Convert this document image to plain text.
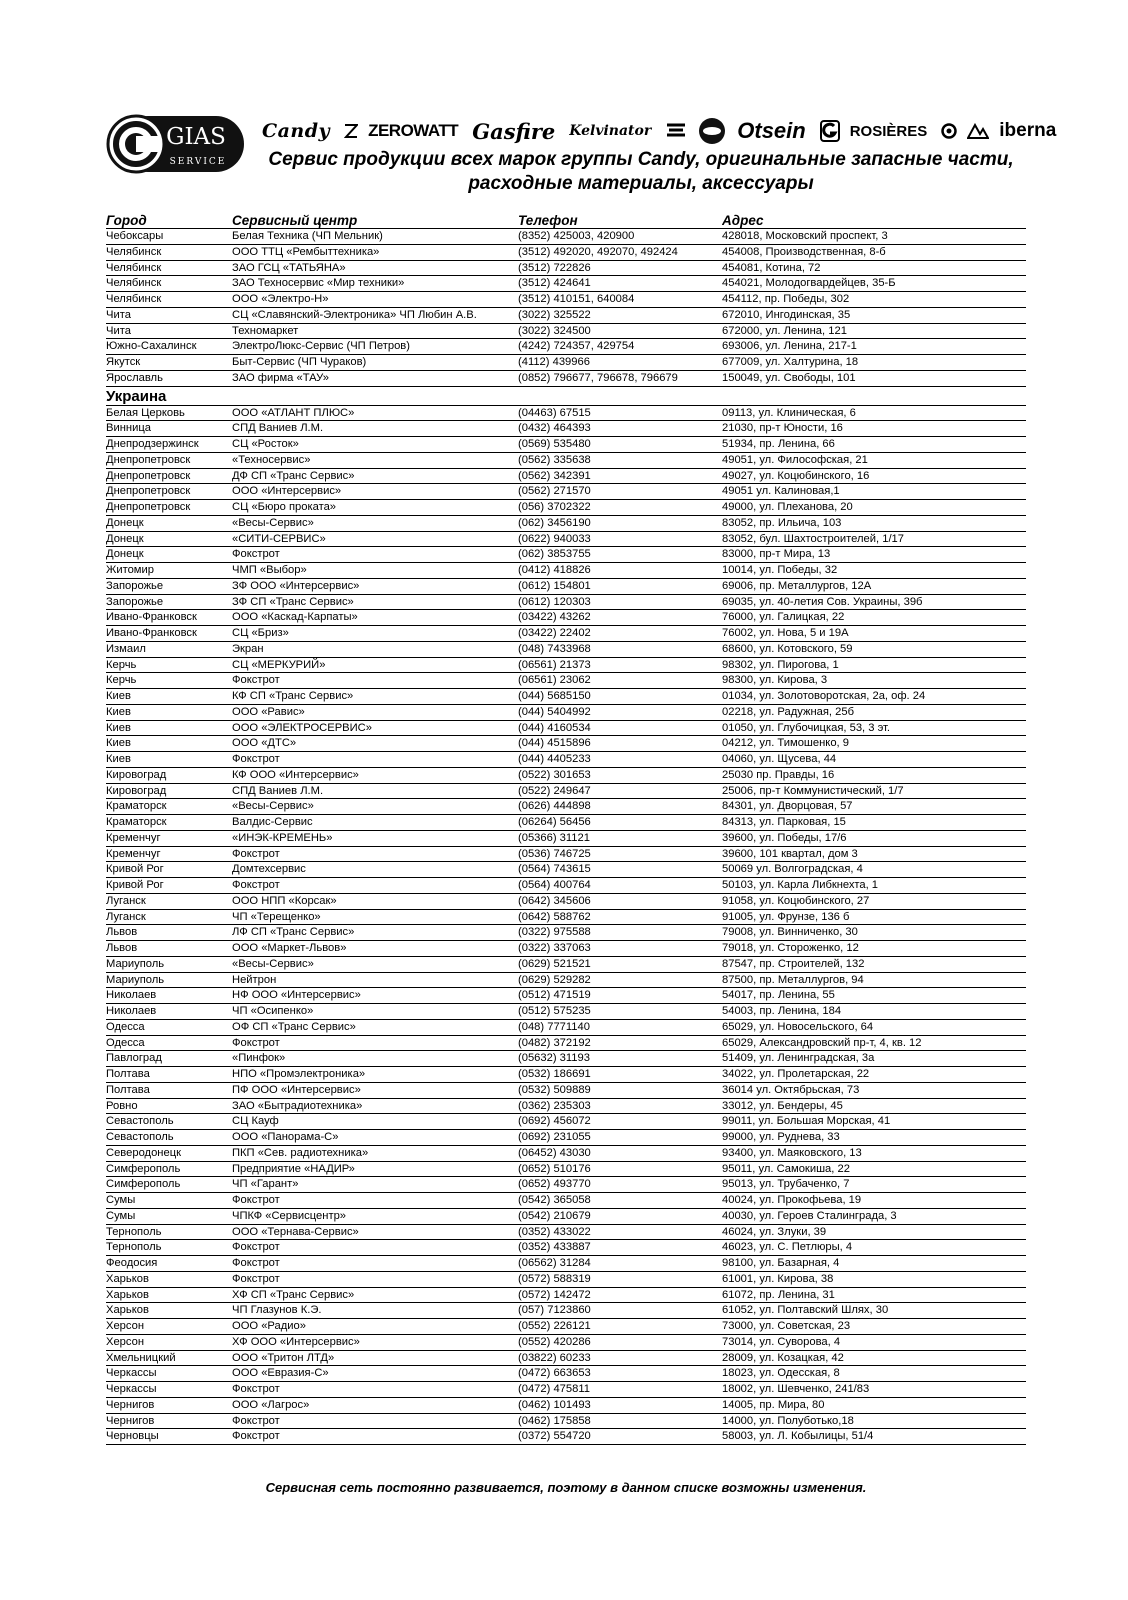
GIAS
SERVICE
Candy ZEROWATT Gasfire Kelvinator	Otsein	ROSIÈRES	iberna
Сервис продукции всех марок группы Candy, оригинальные запасные части,
расходные материалы, аксессуары
Город	Сервисный центр	Телефон	Адрес
Чебоксары	Белая Техника (ЧП Мельник)	(8352) 425003, 420900	428018, Московский проспект, 3
Челябинск	ООО ТТЦ «Рембыттехника»	(3512) 492020, 492070, 492424	454008, Производственная, 8-б
Челябинск	ЗАО ГСЦ «ТАТЬЯНА»	(3512) 722826	454081, Котина, 72
Челябинск	ЗАО Техносервис «Мир техники»	(3512) 424641	454021, Молодогвардейцев, 35-Б
Челябинск	ООО «Электро-Н»	(3512) 410151, 640084	454112, пр. Победы, 302
Чита	СЦ «Славянский-Электроника» ЧП Любин А.В.	(3022) 325522	672010, Ингодинская, 35
Чита	Техномаркет	(3022) 324500	672000, ул. Ленина, 121
Южно-Сахалинск	ЭлектроЛюкс-Сервис (ЧП Петров)	(4242) 724357, 429754	693006, ул. Ленина, 217-1
Якутск	Быт-Сервис (ЧП Чураков)	(4112) 439966	677009, ул. Халтурина, 18
Ярославль	ЗАО фирма «ТАУ»	(0852) 796677, 796678, 796679	150049, ул. Свободы, 101
Украина
Белая Церковь	ООО «АТЛАНТ ПЛЮС»	(04463) 67515	09113, ул. Клиническая, 6
Винница	СПД Ваниев Л.М.	(0432) 464393	21030, пр-т Юности, 16
Днепродзержинск	СЦ «Росток»	(0569) 535480	51934, пр. Ленина, 66
Днепропетровск	«Техносервис»	(0562) 335638	49051, ул. Философская, 21
Днепропетровск	ДФ СП «Транс Сервис»	(0562) 342391	49027, ул. Коцюбинского, 16
Днепропетровск	ООО «Интерсервис»	(0562) 271570	49051 ул. Калиновая,1
Днепропетровск	СЦ «Бюро проката»	(056) 3702322	49000, ул. Плеханова, 20
Донецк	«Весы-Сервис»	(062) 3456190	83052, пр. Ильича, 103
Донецк	«СИТИ-СЕРВИС»	(0622) 940033	83052, бул. Шахтостроителей, 1/17
Донецк	Фокстрот	(062) 3853755	83000, пр-т Мира, 13
Житомир	ЧМП «Выбор»	(0412) 418826	10014, ул. Победы, 32
Запорожье	ЗФ ООО «Интерсервис»	(0612) 154801	69006, пр. Металлургов, 12А
Запорожье	ЗФ СП «Транс Сервис»	(0612) 120303	69035, ул. 40-летия Сов. Украины, 39б
Ивано-Франковск	ООО «Каскад-Карпаты»	(03422) 43262	76000, ул. Галицкая, 22
Ивано-Франковск	СЦ «Бриз»	(03422) 22402	76002, ул. Нова, 5 и 19А
Измаил	Экран	(048) 7433968	68600, ул. Котовского, 59
Керчь	СЦ «МЕРКУРИЙ»	(06561) 21373	98302, ул. Пирогова, 1
Керчь	Фокстрот	(06561) 23062	98300, ул. Кирова, 3
Киев	КФ СП «Транс Сервис»	(044) 5685150	01034, ул. Золотоворотская, 2а, оф. 24
Киев	ООО «Равис»	(044) 5404992	02218, ул. Радужная, 25б
Киев	ООО «ЭЛЕКТРОСЕРВИС»	(044) 4160534	01050, ул. Глубочицкая, 53, 3 эт.
Киев	ООО «ДТС»	(044) 4515896	04212, ул. Тимошенко, 9
Киев	Фокстрот	(044) 4405233	04060, ул. Щусева, 44
Кировоград	КФ ООО «Интерсервис»	(0522) 301653	25030 пр. Правды, 16
Кировоград	СПД Ваниев Л.М.	(0522) 249647	25006, пр-т Коммунистический, 1/7
Краматорск	«Весы-Сервис»	(0626) 444898	84301, ул. Дворцовая, 57
Краматорск	Валдис-Сервис	(06264) 56456	84313, ул. Парковая, 15
Кременчуг	«ИНЭК-КРЕМЕНЬ»	(05366) 31121	39600, ул. Победы, 17/6
Кременчуг	Фокстрот	(0536) 746725	39600, 101 квартал, дом 3
Кривой Рог	Домтехсервис	(0564) 743615	50069 ул. Волгоградская, 4
Кривой Рог	Фокстрот	(0564) 400764	50103, ул. Карла Либкнехта, 1
Луганск	ООО НПП «Корсак»	(0642) 345606	91058, ул. Коцюбинского, 27
Луганск	ЧП «Терещенко»	(0642) 588762	91005, ул. Фрунзе, 136 б
Львов	ЛФ СП «Транс Сервис»	(0322) 975588	79008, ул. Винниченко, 30
Львов	ООО «Маркет-Львов»	(0322) 337063	79018, ул. Стороженко, 12
Мариуполь	«Весы-Сервис»	(0629) 521521	87547, пр. Строителей, 132
Мариуполь	Нейтрон	(0629) 529282	87500, пр. Металлургов, 94
Николаев	НФ ООО «Интерсервис»	(0512) 471519	54017, пр. Ленина, 55
Николаев	ЧП «Осипенко»	(0512) 575235	54003, пр. Ленина, 184
Одесса	ОФ СП «Транс Сервис»	(048) 7771140	65029, ул. Новосельского, 64
Одесса	Фокстрот	(0482) 372192	65029, Александровский пр-т, 4, кв. 12
Павлоград	«Пинфок»	(05632) 31193	51409, ул. Ленинградская, 3а
Полтава	НПО «Промэлектроника»	(0532) 186691	34022, ул. Пролетарская, 22
Полтава	ПФ ООО «Интерсервис»	(0532) 509889	36014 ул. Октябрьская, 73
Ровно	ЗАО «Бытрадиотехника»	(0362) 235303	33012, ул. Бендеры, 45
Севастополь	СЦ Кауф	(0692) 456072	99011, ул. Большая Морская, 41
Севастополь	ООО «Панорама-С»	(0692) 231055	99000, ул. Руднева, 33
Северодонецк	ПКП «Сев. радиотехника»	(06452) 43030	93400, ул. Маяковского, 13
Симферополь	Предприятие «НАДИР»	(0652) 510176	95011, ул. Самокиша, 22
Симферополь	ЧП «Гарант»	(0652) 493770	95013, ул. Трубаченко, 7
Сумы	Фокстрот	(0542) 365058	40024, ул. Прокофьева, 19
Сумы	ЧПКФ «Сервисцентр»	(0542) 210679	40030, ул. Героев Сталинграда, 3
Тернополь	ООО «Тернава-Сервис»	(0352) 433022	46024, ул. Злуки, 39
Тернополь	Фокстрот	(0352) 433887	46023, ул. С. Петлюры, 4
Феодосия	Фокстрот	(06562) 31284	98100, ул. Базарная, 4
Харьков	Фокстрот	(0572) 588319	61001, ул. Кирова, 38
Харьков	ХФ СП «Транс Сервис»	(0572) 142472	61072, пр. Ленина, 31
Харьков	ЧП Глазунов К.Э.	(057) 7123860	61052, ул. Полтавский Шлях, 30
Херсон	ООО «Радио»	(0552) 226121	73000, ул. Советская, 23
Херсон	ХФ ООО «Интерсервис»	(0552) 420286	73014, ул. Суворова, 4
Хмельницкий	ООО «Тритон ЛТД»	(03822) 60233	28009, ул. Козацкая, 42
Черкассы	ООО «Евразия-С»	(0472) 663653	18023, ул. Одесская, 8
Черкассы	Фокстрот	(0472) 475811	18002, ул. Шевченко, 241/83
Чернигов	ООО «Лагрос»	(0462) 101493	14005, пр. Мира, 80
Чернигов	Фокстрот	(0462) 175858	14000, ул. Полуботько,18
Черновцы	Фокстрот	(0372) 554720	58003, ул. Л. Кобылицы, 51/4
Сервисная сеть постоянно развивается, поэтому в данном списке возможны изменения.
